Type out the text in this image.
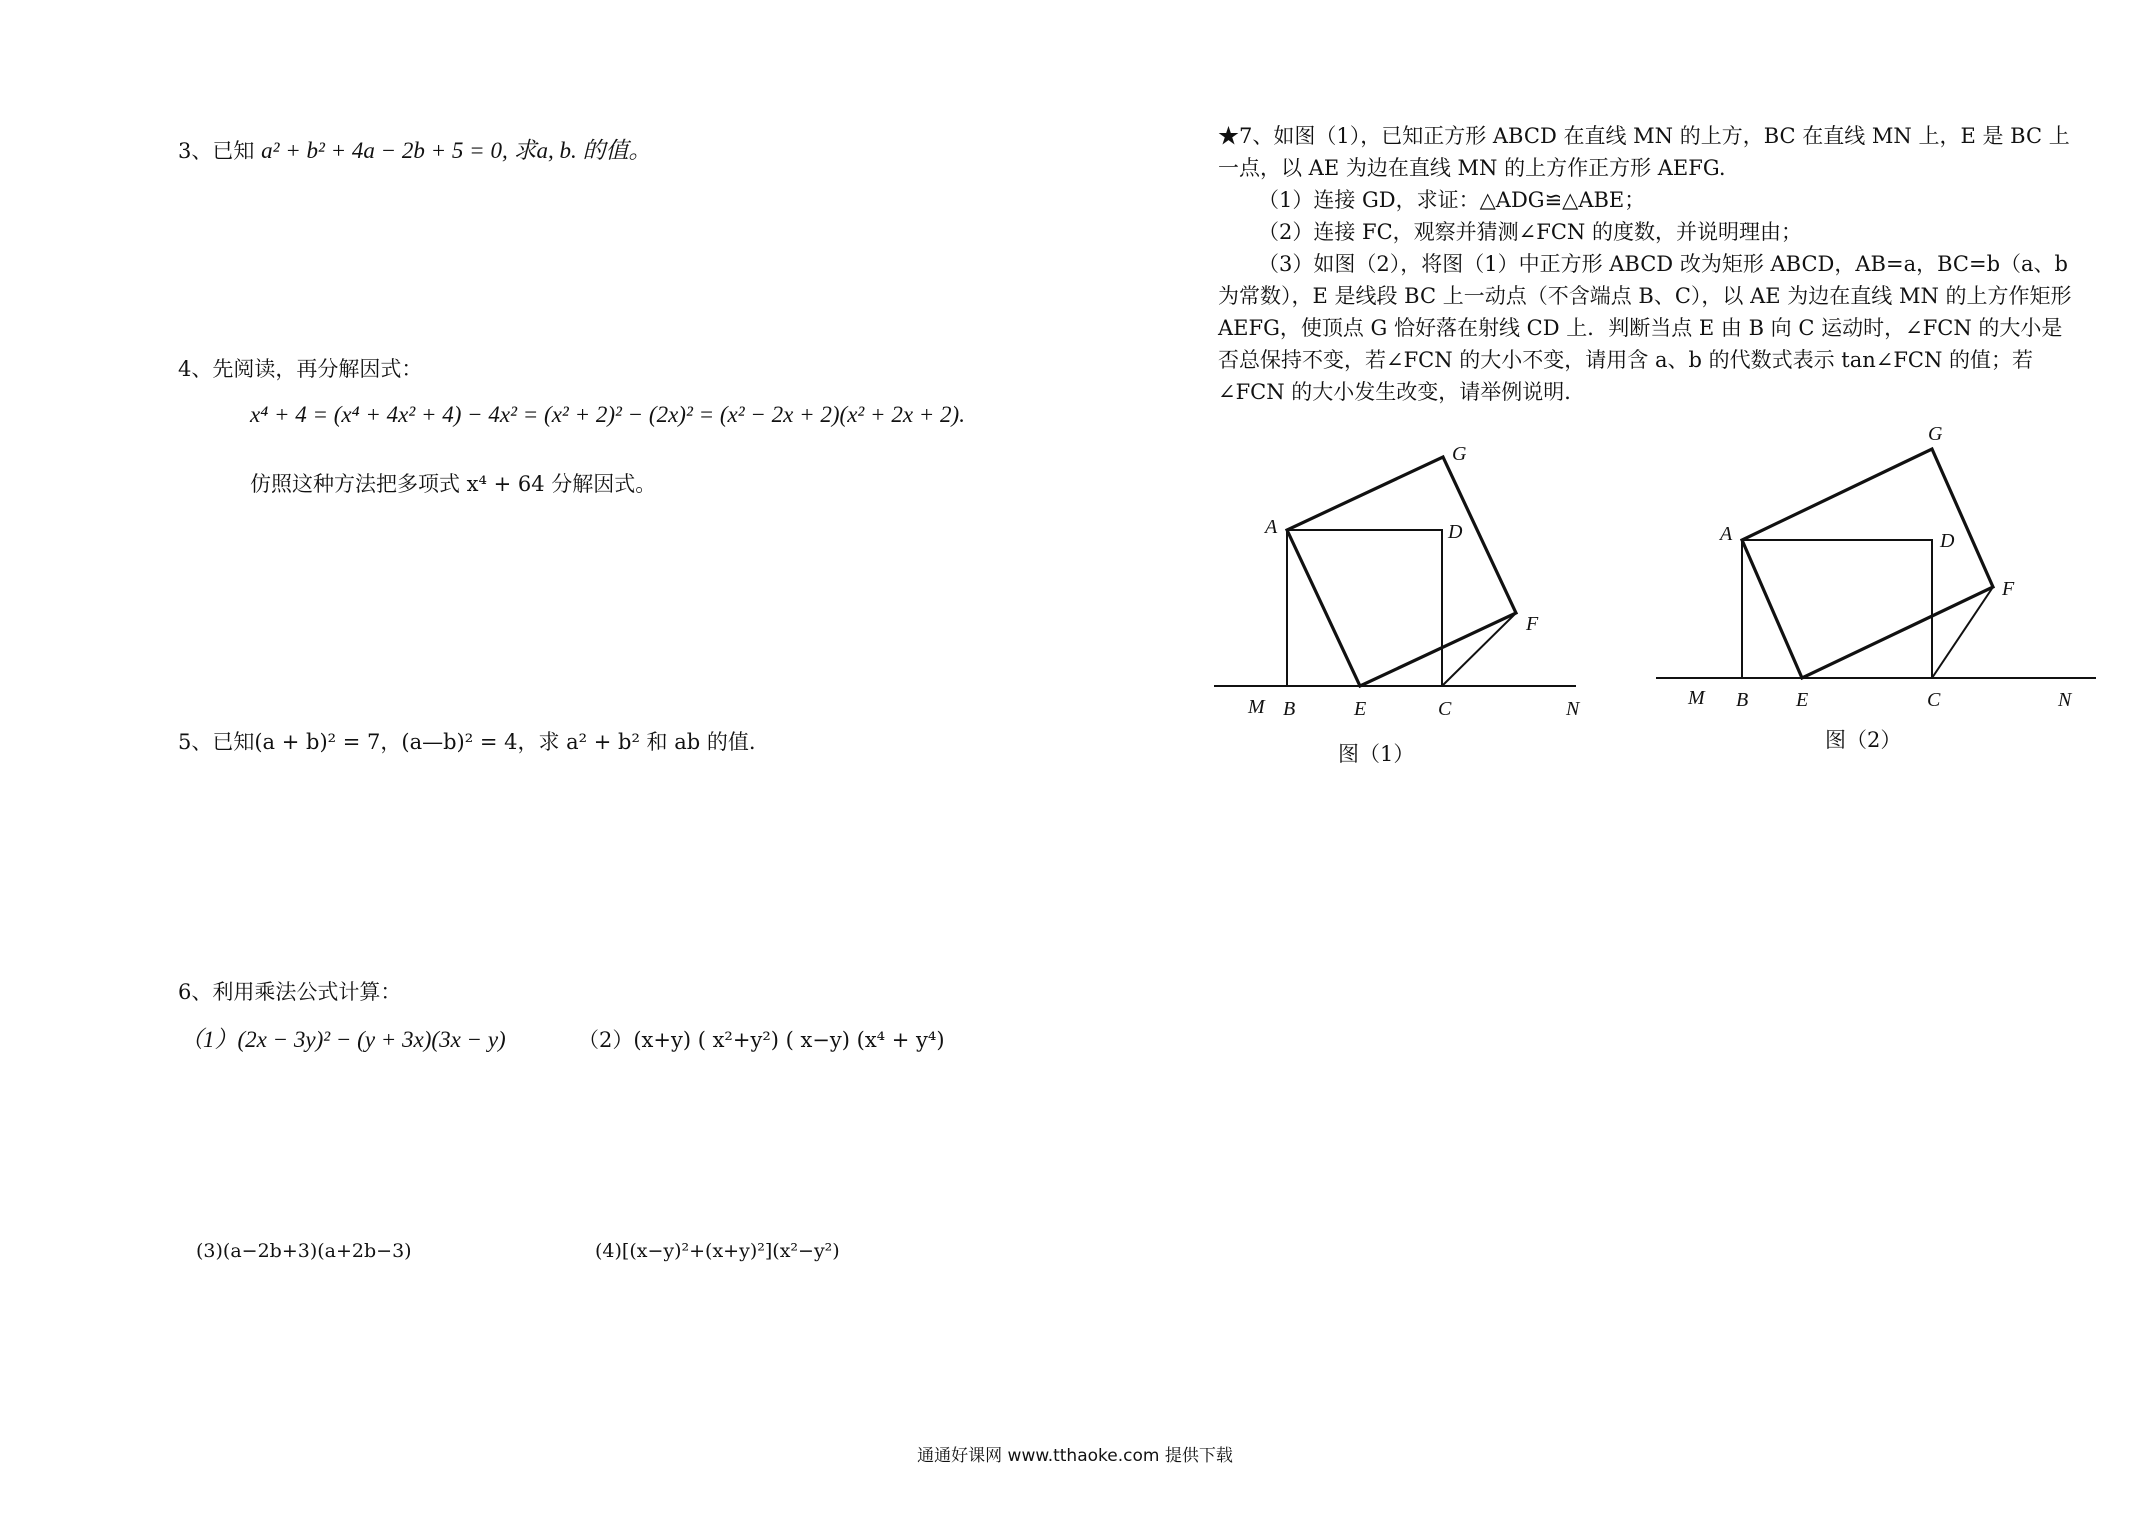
3、已知 a² + b² + 4a − 2b + 5 = 0, 求a, b. 的值。
4、先阅读，再分解因式：
x⁴ + 4 = (x⁴ + 4x² + 4) − 4x² = (x² + 2)² − (2x)² = (x² − 2x + 2)(x² + 2x + 2).
仿照这种方法把多项式 x⁴ + 64 分解因式。
5、已知(a + b)² = 7，(a—b)² = 4，求 a² + b² 和 ab 的值.
6、利用乘法公式计算：
（1）(2x − 3y)² − (y + 3x)(3x − y)	（2）(x+y) ( x²+y²) ( x−y) (x⁴ + y⁴)
(3)(a−2b+3)(a+2b−3)	(4)[(x−y)²+(x+y)²](x²−y²)

★7、如图（1），已知正方形 ABCD 在直线 MN 的上方，BC 在直线 MN 上，E 是 BC 上一点，以 AE 为边在直线 MN 的上方作正方形 AEFG.

（1）连接 GD，求证：△ADG≌△ABE；

（2）连接 FC，观察并猜测∠FCN 的度数，并说明理由；

（3）如图（2），将图（1）中正方形 ABCD 改为矩形 ABCD，AB=a，BC=b（a、b 为常数），E 是线段 BC 上一动点（不含端点 B、C），以 AE 为边在直线 MN 的上方作矩形 AEFG，使顶点 G 恰好落在射线 CD 上．判断当点 E 由 B 向 C 运动时，∠FCN 的大小是否总保持不变，若∠FCN 的大小不变，请用含 a、b 的代数式表示 tan∠FCN 的值；若∠FCN 的大小发生改变，请举例说明．

A	D
G
F
M B	E	C	N
图（1）
A	D
G
F
M B E	C	N
图（2）
通通好课网 www.tthaoke.com 提供下载
